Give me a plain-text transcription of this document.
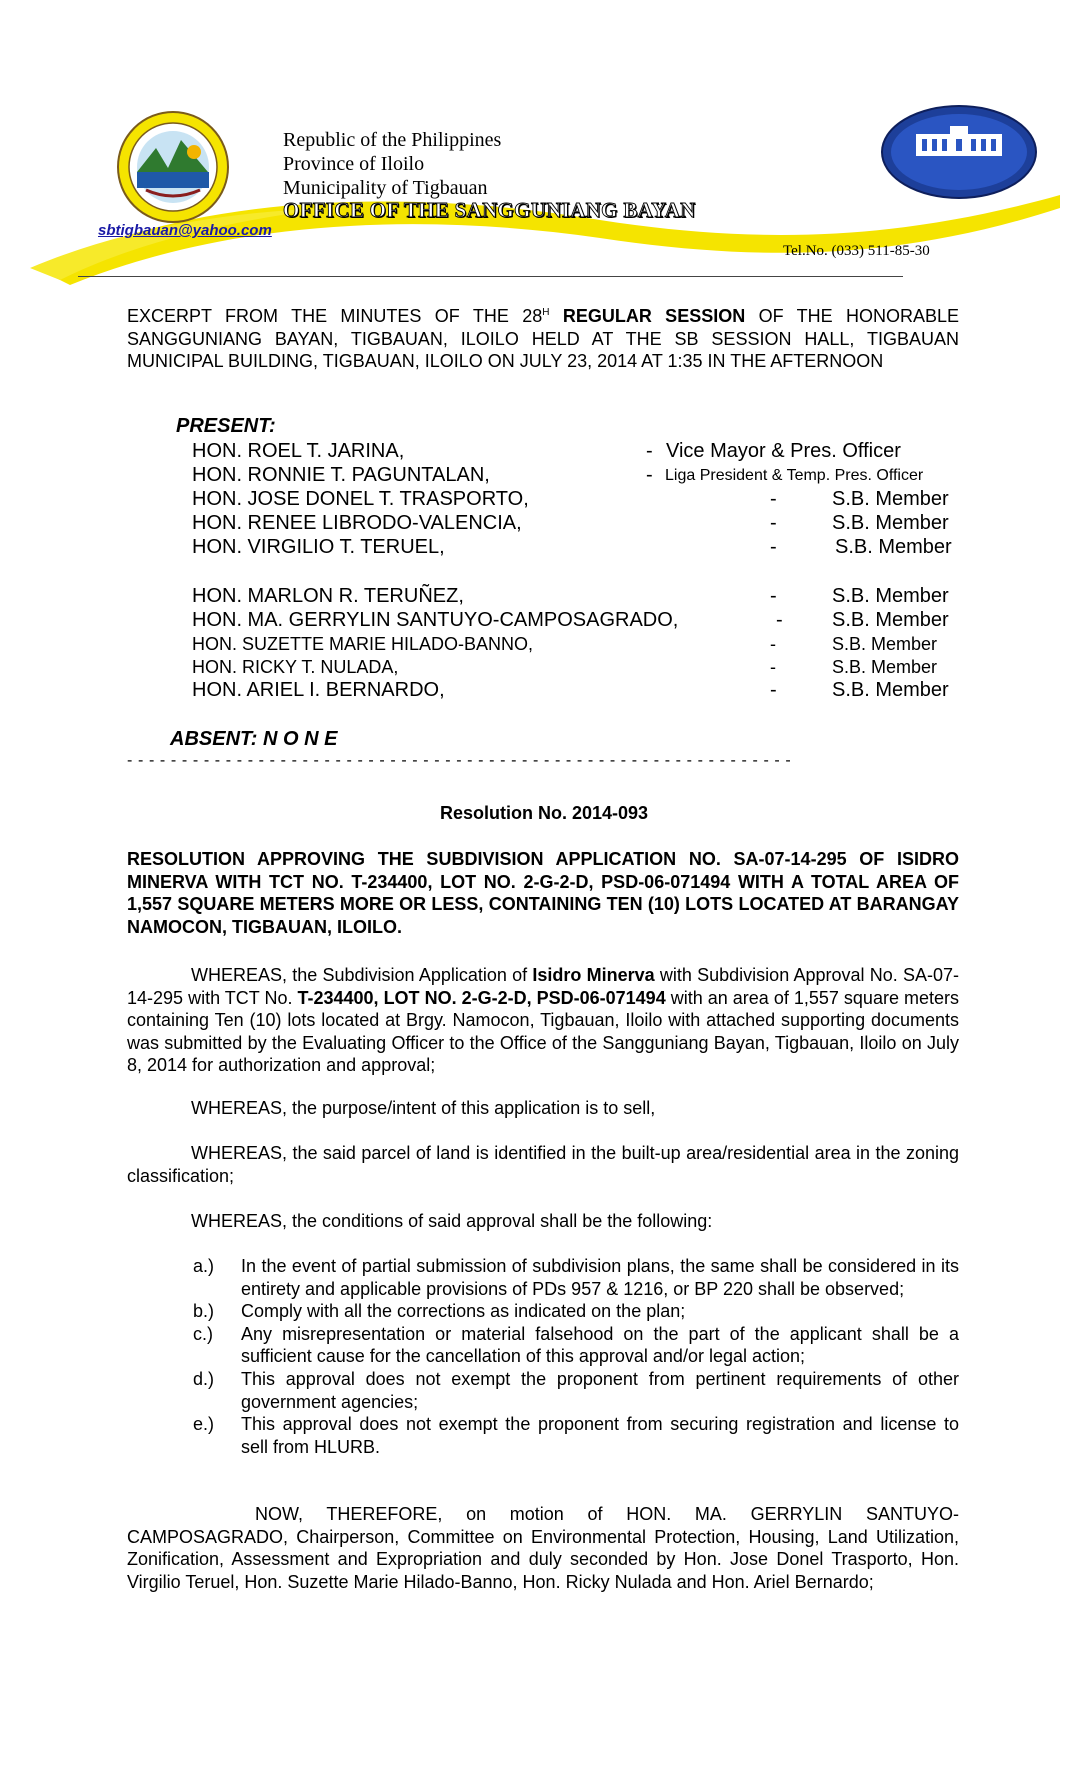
Republic of the Philippines
Province of Iloilo
Municipality of Tigbauan
OFFICE OF THE SANGGUNIANG BAYAN
sbtigbauan@yahoo.com
Tel.No. (033) 511-85-30
EXCERPT FROM THE MINUTES OF THE $28^H$ REGULAR SESSION OF THE HONORABLE SANGGUNIANG BAYAN, TIGBAUAN, ILOILO HELD AT THE SB SESSION HALL, TIGBAUAN MUNICIPAL BUILDING, TIGBAUAN, ILOILO ON JULY 23, 2014 AT 1:35 IN THE AFTERNOON
PRESENT:
HON. ROEL T. JARINA,	- Vice Mayor & Pres. Officer
HON. RONNIE T. PAGUNTALAN,	- Liga President & Temp. Pres. Officer
HON. JOSE DONEL T. TRASPORTO,	-	S.B. Member
HON. RENEE LIBRODO-VALENCIA,	-	S.B. Member
HON. VIRGILIO T. TERUEL,	-	S.B. Member
HON. MARLON R. TERUÑEZ,	-	S.B. Member
HON. MA. GERRYLIN SANTUYO-CAMPOSAGRADO,	- S.B. Member
HON. SUZETTE MARIE HILADO-BANNO,	-	S.B. Member
HON. RICKY T. NULADA,	-	S.B. Member
HON. ARIEL I. BERNARDO,	-	S.B. Member
ABSENT: N O N E
- - - - - - - - - - - - - - - - - - - - - - - - - - - - - - - - - - - - - - - - - - - - - - - - - - - - - - - - - - - - -
Resolution No. 2014-093
RESOLUTION APPROVING THE SUBDIVISION APPLICATION NO. SA-07-14-295 OF ISIDRO MINERVA WITH TCT NO. T-234400, LOT NO. 2-G-2-D, PSD-06-071494 WITH A TOTAL AREA OF 1,557 SQUARE METERS MORE OR LESS, CONTAINING TEN (10) LOTS LOCATED AT BARANGAY NAMOCON, TIGBAUAN, ILOILO.
WHEREAS, the Subdivision Application of Isidro Minerva with Subdivision Approval No. SA-07-14-295 with TCT No. T-234400, LOT NO. 2-G-2-D, PSD-06-071494 with an area of 1,557 square meters containing Ten (10) lots located at Brgy. Namocon, Tigbauan, Iloilo with attached supporting documents was submitted by the Evaluating Officer to the Office of the Sangguniang Bayan, Tigbauan, Iloilo on July 8, 2014 for authorization and approval;
WHEREAS, the purpose/intent of this application is to sell,
WHEREAS, the said parcel of land is identified in the built-up area/residential area in the zoning classification;
WHEREAS, the conditions of said approval shall be the following:
a.) In the event of partial submission of subdivision plans, the same shall be considered in its entirety and applicable provisions of PDs 957 & 1216, or BP 220 shall be observed;
b.) Comply with all the corrections as indicated on the plan;
c.) Any misrepresentation or material falsehood on the part of the applicant shall be a sufficient cause for the cancellation of this approval and/or legal action;
d.) This approval does not exempt the proponent from pertinent requirements of other government agencies;
e.) This approval does not exempt the proponent from securing registration and license to sell from HLURB.
NOW, THEREFORE, on motion of HON. MA. GERRYLIN SANTUYO-CAMPOSAGRADO, Chairperson, Committee on Environmental Protection, Housing, Land Utilization, Zonification, Assessment and Expropriation and duly seconded by Hon. Jose Donel Trasporto, Hon. Virgilio Teruel, Hon. Suzette Marie Hilado-Banno, Hon. Ricky Nulada and Hon. Ariel Bernardo;
